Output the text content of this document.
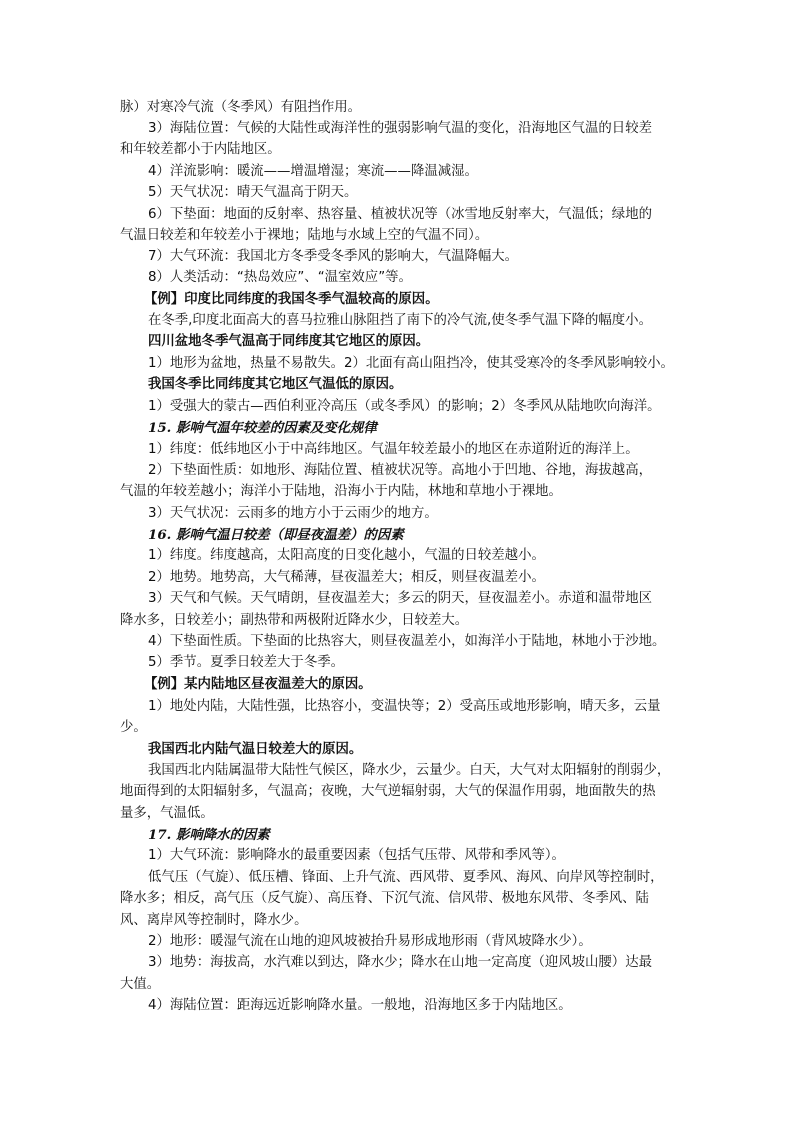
脉）对寒冷气流（冬季风）有阻挡作用。
3）海陆位置：气候的大陆性或海洋性的强弱影响气温的变化，沿海地区气温的日较差
和年较差都小于内陆地区。
4）洋流影响：暖流——增温增湿；寒流——降温减湿。
5）天气状况：晴天气温高于阴天。
6）下垫面：地面的反射率、热容量、植被状况等（冰雪地反射率大，气温低；绿地的
气温日较差和年较差小于裸地；陆地与水域上空的气温不同）。
7）大气环流：我国北方冬季受冬季风的影响大，气温降幅大。
8）人类活动：“热岛效应”、“温室效应”等。
【例】印度比同纬度的我国冬季气温较高的原因。
在冬季,印度北面高大的喜马拉雅山脉阻挡了南下的冷气流,使冬季气温下降的幅度小。
四川盆地冬季气温高于同纬度其它地区的原因。
1）地形为盆地，热量不易散失。2）北面有高山阻挡冷，使其受寒冷的冬季风影响较小。
我国冬季比同纬度其它地区气温低的原因。
1）受强大的蒙古—西伯利亚冷高压（或冬季风）的影响；2）冬季风从陆地吹向海洋。
15. 影响气温年较差的因素及变化规律
1）纬度：低纬地区小于中高纬地区。气温年较差最小的地区在赤道附近的海洋上。
2）下垫面性质：如地形、海陆位置、植被状况等。高地小于凹地、谷地，海拔越高，
气温的年较差越小；海洋小于陆地，沿海小于内陆，林地和草地小于裸地。
3）天气状况：云雨多的地方小于云雨少的地方。
16. 影响气温日较差（即昼夜温差）的因素
1）纬度。纬度越高，太阳高度的日变化越小，气温的日较差越小。
2）地势。地势高，大气稀薄，昼夜温差大；相反，则昼夜温差小。
3）天气和气候。天气晴朗，昼夜温差大；多云的阴天，昼夜温差小。赤道和温带地区
降水多，日较差小；副热带和两极附近降水少，日较差大。
4）下垫面性质。下垫面的比热容大，则昼夜温差小，如海洋小于陆地，林地小于沙地。
5）季节。夏季日较差大于冬季。
【例】某内陆地区昼夜温差大的原因。
1）地处内陆，大陆性强，比热容小，变温快等；2）受高压或地形影响，晴天多，云量
少。
我国西北内陆气温日较差大的原因。
我国西北内陆属温带大陆性气候区，降水少，云量少。白天，大气对太阳辐射的削弱少，
地面得到的太阳辐射多，气温高；夜晚，大气逆辐射弱，大气的保温作用弱，地面散失的热
量多，气温低。
17. 影响降水的因素
1）大气环流：影响降水的最重要因素（包括气压带、风带和季风等）。
低气压（气旋）、低压槽、锋面、上升气流、西风带、夏季风、海风、向岸风等控制时，
降水多；相反，高气压（反气旋）、高压脊、下沉气流、信风带、极地东风带、冬季风、陆
风、离岸风等控制时，降水少。
2）地形：暖湿气流在山地的迎风坡被抬升易形成地形雨（背风坡降水少）。
3）地势：海拔高，水汽难以到达，降水少；降水在山地一定高度（迎风坡山腰）达最
大值。
4）海陆位置：距海远近影响降水量。一般地，沿海地区多于内陆地区。
